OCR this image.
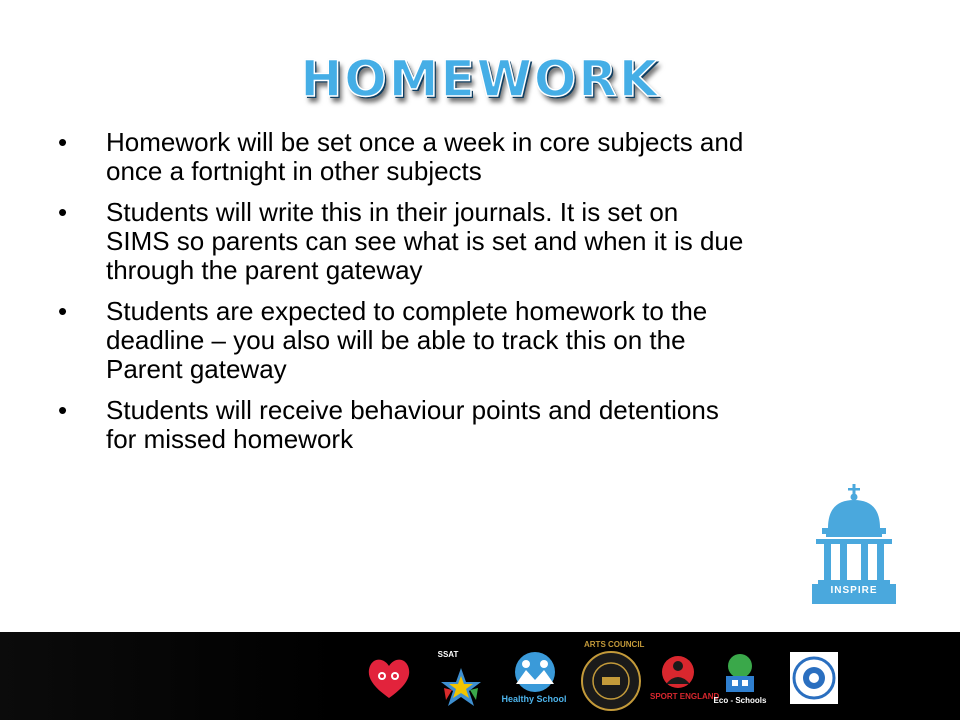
HOMEWORK
• Homework will be set once a week in core subjects and once a fortnight in other subjects
• Students will write this in their journals. It is set on SIMS so parents can see what is set and when it is due through the parent gateway
• Students are expected to complete homework to the deadline – you also will be able to track this on the Parent gateway
• Students will receive behaviour points and detentions for missed homework
INSPIRE
SSAT
Healthy School
ARTS COUNCIL
SPORT ENGLAND
Eco - Schools
